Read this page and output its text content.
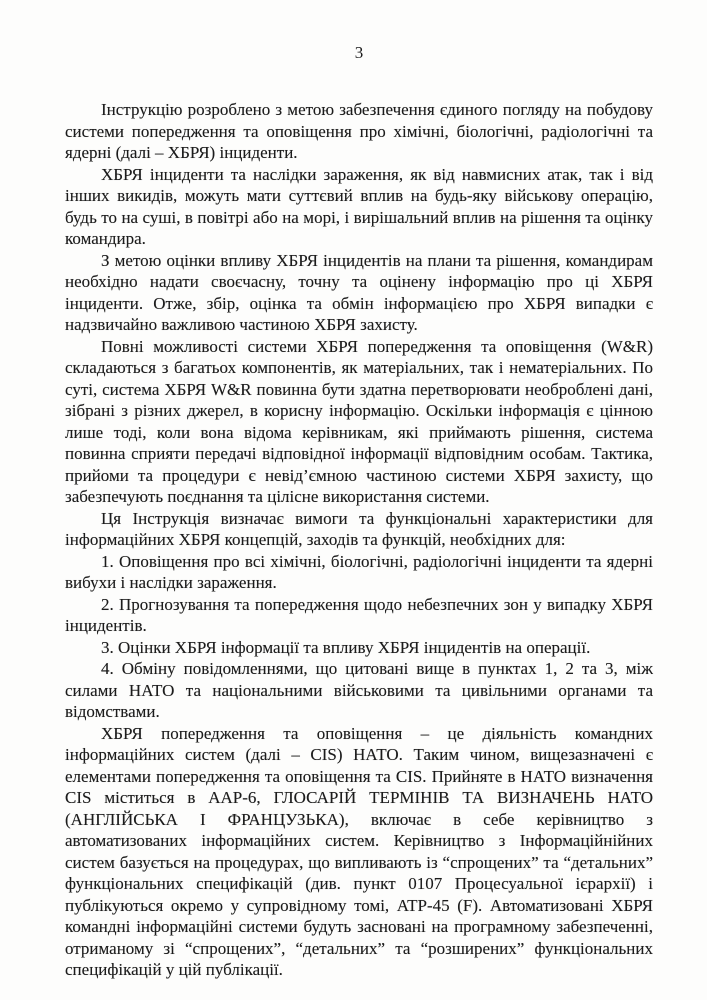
3

Інструкцію розроблено з метою забезпечення єдиного погляду на побудову системи попередження та оповіщення про хімічні, біологічні, радіологічні та ядерні (далі – ХБРЯ) інциденти.

ХБРЯ інциденти та наслідки зараження, як від навмисних атак, так і від інших викидів, можуть мати суттєвий вплив на будь-яку військову операцію, будь то на суші, в повітрі або на морі, і вирішальний вплив на рішення та оцінку командира.

З метою оцінки впливу ХБРЯ інцидентів на плани та рішення, командирам необхідно надати своєчасну, точну та оцінену інформацію про ці ХБРЯ інциденти. Отже, збір, оцінка та обмін інформацією про ХБРЯ випадки є надзвичайно важливою частиною ХБРЯ захисту.

Повні можливості системи ХБРЯ попередження та оповіщення (W&R) складаються з багатьох компонентів, як матеріальних, так і нематеріальних. По суті, система ХБРЯ W&R повинна бути здатна перетворювати необроблені дані, зібрані з різних джерел, в корисну інформацію. Оскільки інформація є цінною лише тоді, коли вона відома керівникам, які приймають рішення, система повинна сприяти передачі відповідної інформації відповідним особам. Тактика, прийоми та процедури є невід’ємною частиною системи ХБРЯ захисту, що забезпечують поєднання та цілісне використання системи.

Ця Інструкція визначає вимоги та функціональні характеристики для інформаційних ХБРЯ концепцій, заходів та функцій, необхідних для:

1. Оповіщення про всі хімічні, біологічні, радіологічні інциденти та ядерні вибухи і наслідки зараження.

2. Прогнозування та попередження щодо небезпечних зон у випадку ХБРЯ інцидентів.

3. Оцінки ХБРЯ інформації та впливу ХБРЯ інцидентів на операції.

4. Обміну повідомленнями, що цитовані вище в пунктах 1, 2 та 3, між силами НАТО та національними військовими та цивільними органами та відомствами.

ХБРЯ попередження та оповіщення – це діяльність командних інформаційних систем (далі – CIS) НАТО. Таким чином, вищезазначені є елементами попередження та оповіщення та CIS. Прийняте в НАТО визначення CIS міститься в AAP-6, ГЛОСАРІЙ ТЕРМІНІВ ТА ВИЗНАЧЕНЬ НАТО (АНГЛІЙСЬКА І ФРАНЦУЗЬКА), включає в себе керівництво з автоматизованих інформаційних систем. Керівництво з Інформаційнійних систем базується на процедурах, що випливають із “спрощених” та “детальних” функціональних специфікацій (див. пункт 0107 Процесуальної ієрархії) і публікуються окремо у супровідному томі, ATP-45 (F). Автоматизовані ХБРЯ командні інформаційні системи будуть засновані на програмному забезпеченні, отриманому зі “спрощених”, “детальних” та “розширених” функціональних специфікацій у цій публікації.
